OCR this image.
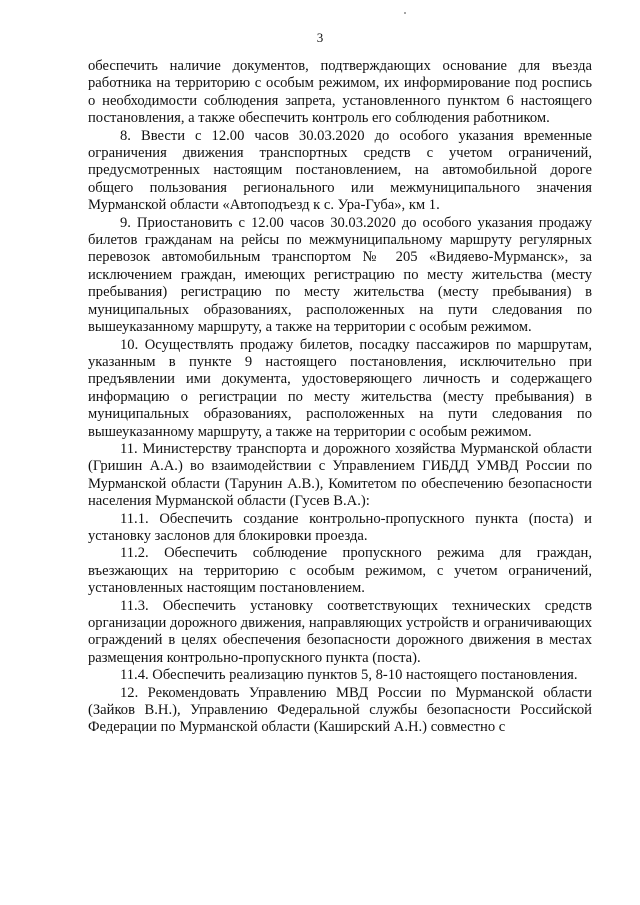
3

обеспечить наличие документов, подтверждающих основание для въезда работника на территорию с особым режимом, их информирование под роспись о необходимости соблюдения запрета, установленного пунктом 6 настоящего постановления, а также обеспечить контроль его соблюдения работником.

8. Ввести с 12.00 часов 30.03.2020 до особого указания временные ограничения движения транспортных средств с учетом ограничений, предусмотренных настоящим постановлением, на автомобильной дороге общего пользования регионального или межмуниципального значения Мурманской области «Автоподъезд к с. Ура-Губа», км 1.

9. Приостановить с 12.00 часов 30.03.2020 до особого указания продажу билетов гражданам на рейсы по межмуниципальному маршруту регулярных перевозок автомобильным транспортом № 205 «Видяево-Мурманск», за исключением граждан, имеющих регистрацию по месту жительства (месту пребывания) регистрацию по месту жительства (месту пребывания) в муниципальных образованиях, расположенных на пути следования по вышеуказанному маршруту, а также на территории с особым режимом.

10. Осуществлять продажу билетов, посадку пассажиров по маршрутам, указанным в пункте 9 настоящего постановления, исключительно при предъявлении ими документа, удостоверяющего личность и содержащего информацию о регистрации по месту жительства (месту пребывания) в муниципальных образованиях, расположенных на пути следования по вышеуказанному маршруту, а также на территории с особым режимом.

11. Министерству транспорта и дорожного хозяйства Мурманской области (Гришин А.А.) во взаимодействии с Управлением ГИБДД УМВД России по Мурманской области (Тарунин А.В.), Комитетом по обеспечению безопасности населения Мурманской области (Гусев В.А.):

11.1. Обеспечить создание контрольно-пропускного пункта (поста) и установку заслонов для блокировки проезда.

11.2. Обеспечить соблюдение пропускного режима для граждан, въезжающих на территорию с особым режимом, с учетом ограничений, установленных настоящим постановлением.

11.3. Обеспечить установку соответствующих технических средств организации дорожного движения, направляющих устройств и ограничивающих ограждений в целях обеспечения безопасности дорожного движения в местах размещения контрольно-пропускного пункта (поста).

11.4. Обеспечить реализацию пунктов 5, 8-10 настоящего постановления.

12. Рекомендовать Управлению МВД России по Мурманской области (Зайков В.Н.), Управлению Федеральной службы безопасности Российской Федерации по Мурманской области (Каширский А.Н.) совместно с
